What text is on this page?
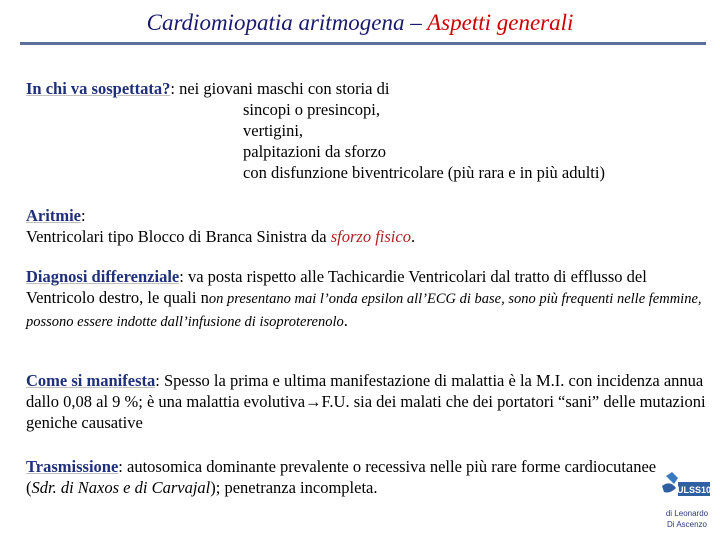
Cardiomiopatia aritmogena – Aspetti generali
In chi va sospettata?: nei giovani maschi con storia di
sincopi o presincopi,
vertigini,
palpitazioni da sforzo
con disfunzione biventricolare (più rara e in più adulti)
Aritmie:
Ventricolari tipo Blocco di Branca Sinistra da sforzo fisico.
Diagnosi differenziale: va posta rispetto alle Tachicardie Ventricolari dal tratto di efflusso del Ventricolo destro, le quali non presentano mai l’onda epsilon all’ECG di base, sono più frequenti nelle femmine, possono essere indotte dall’infusione di isoproterenolo.
Come si manifesta: Spesso la prima e ultima manifestazione di malattia è la M.I. con incidenza annua dallo 0,08 al 9 %; è una malattia evolutiva→F.U. sia dei malati che dei portatori “sani” delle mutazioni geniche causative
Trasmissione: autosomica dominante prevalente o recessiva nelle più rare forme cardiocutanee (Sdr. di Naxos e di Carvajal); penetranza incompleta.	ULSS10
di Leonardo
Di Ascenzo
